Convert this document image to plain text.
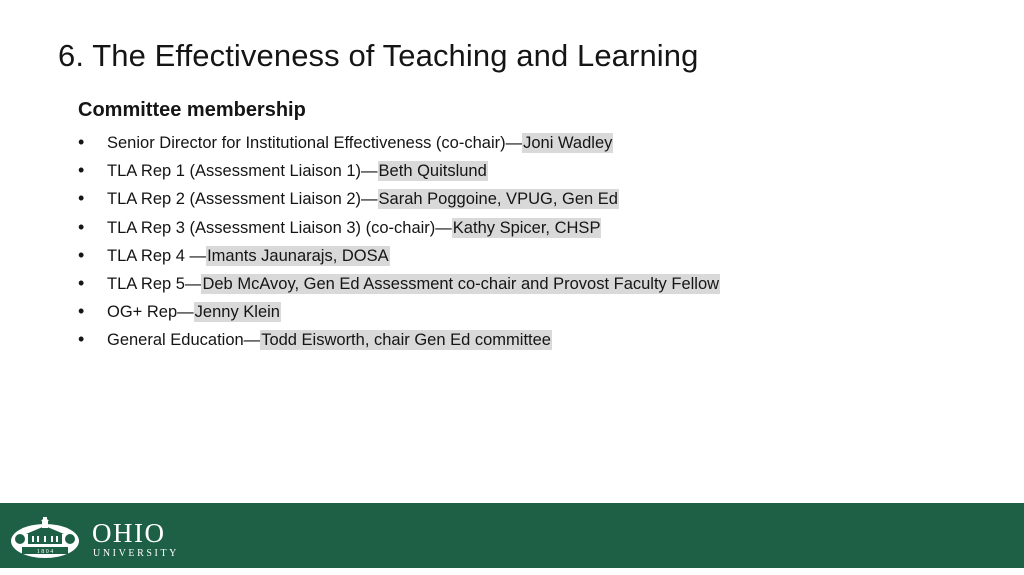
6. The Effectiveness of Teaching and Learning
Committee membership
• Senior Director for Institutional Effectiveness (co-chair)—Joni Wadley
• TLA Rep 1 (Assessment Liaison 1)—Beth Quitslund
• TLA Rep 2 (Assessment Liaison 2)—Sarah Poggoine, VPUG, Gen Ed
• TLA Rep 3 (Assessment Liaison 3) (co-chair)—Kathy Spicer, CHSP
• TLA Rep 4 —Imants Jaunarajs, DOSA
• TLA Rep 5—Deb McAvoy, Gen Ed Assessment co-chair and Provost Faculty Fellow
• OG+ Rep—Jenny Klein
• General Education—Todd Eisworth, chair Gen Ed committee
1 8 0 4
OHIO
UNIVERSITY
